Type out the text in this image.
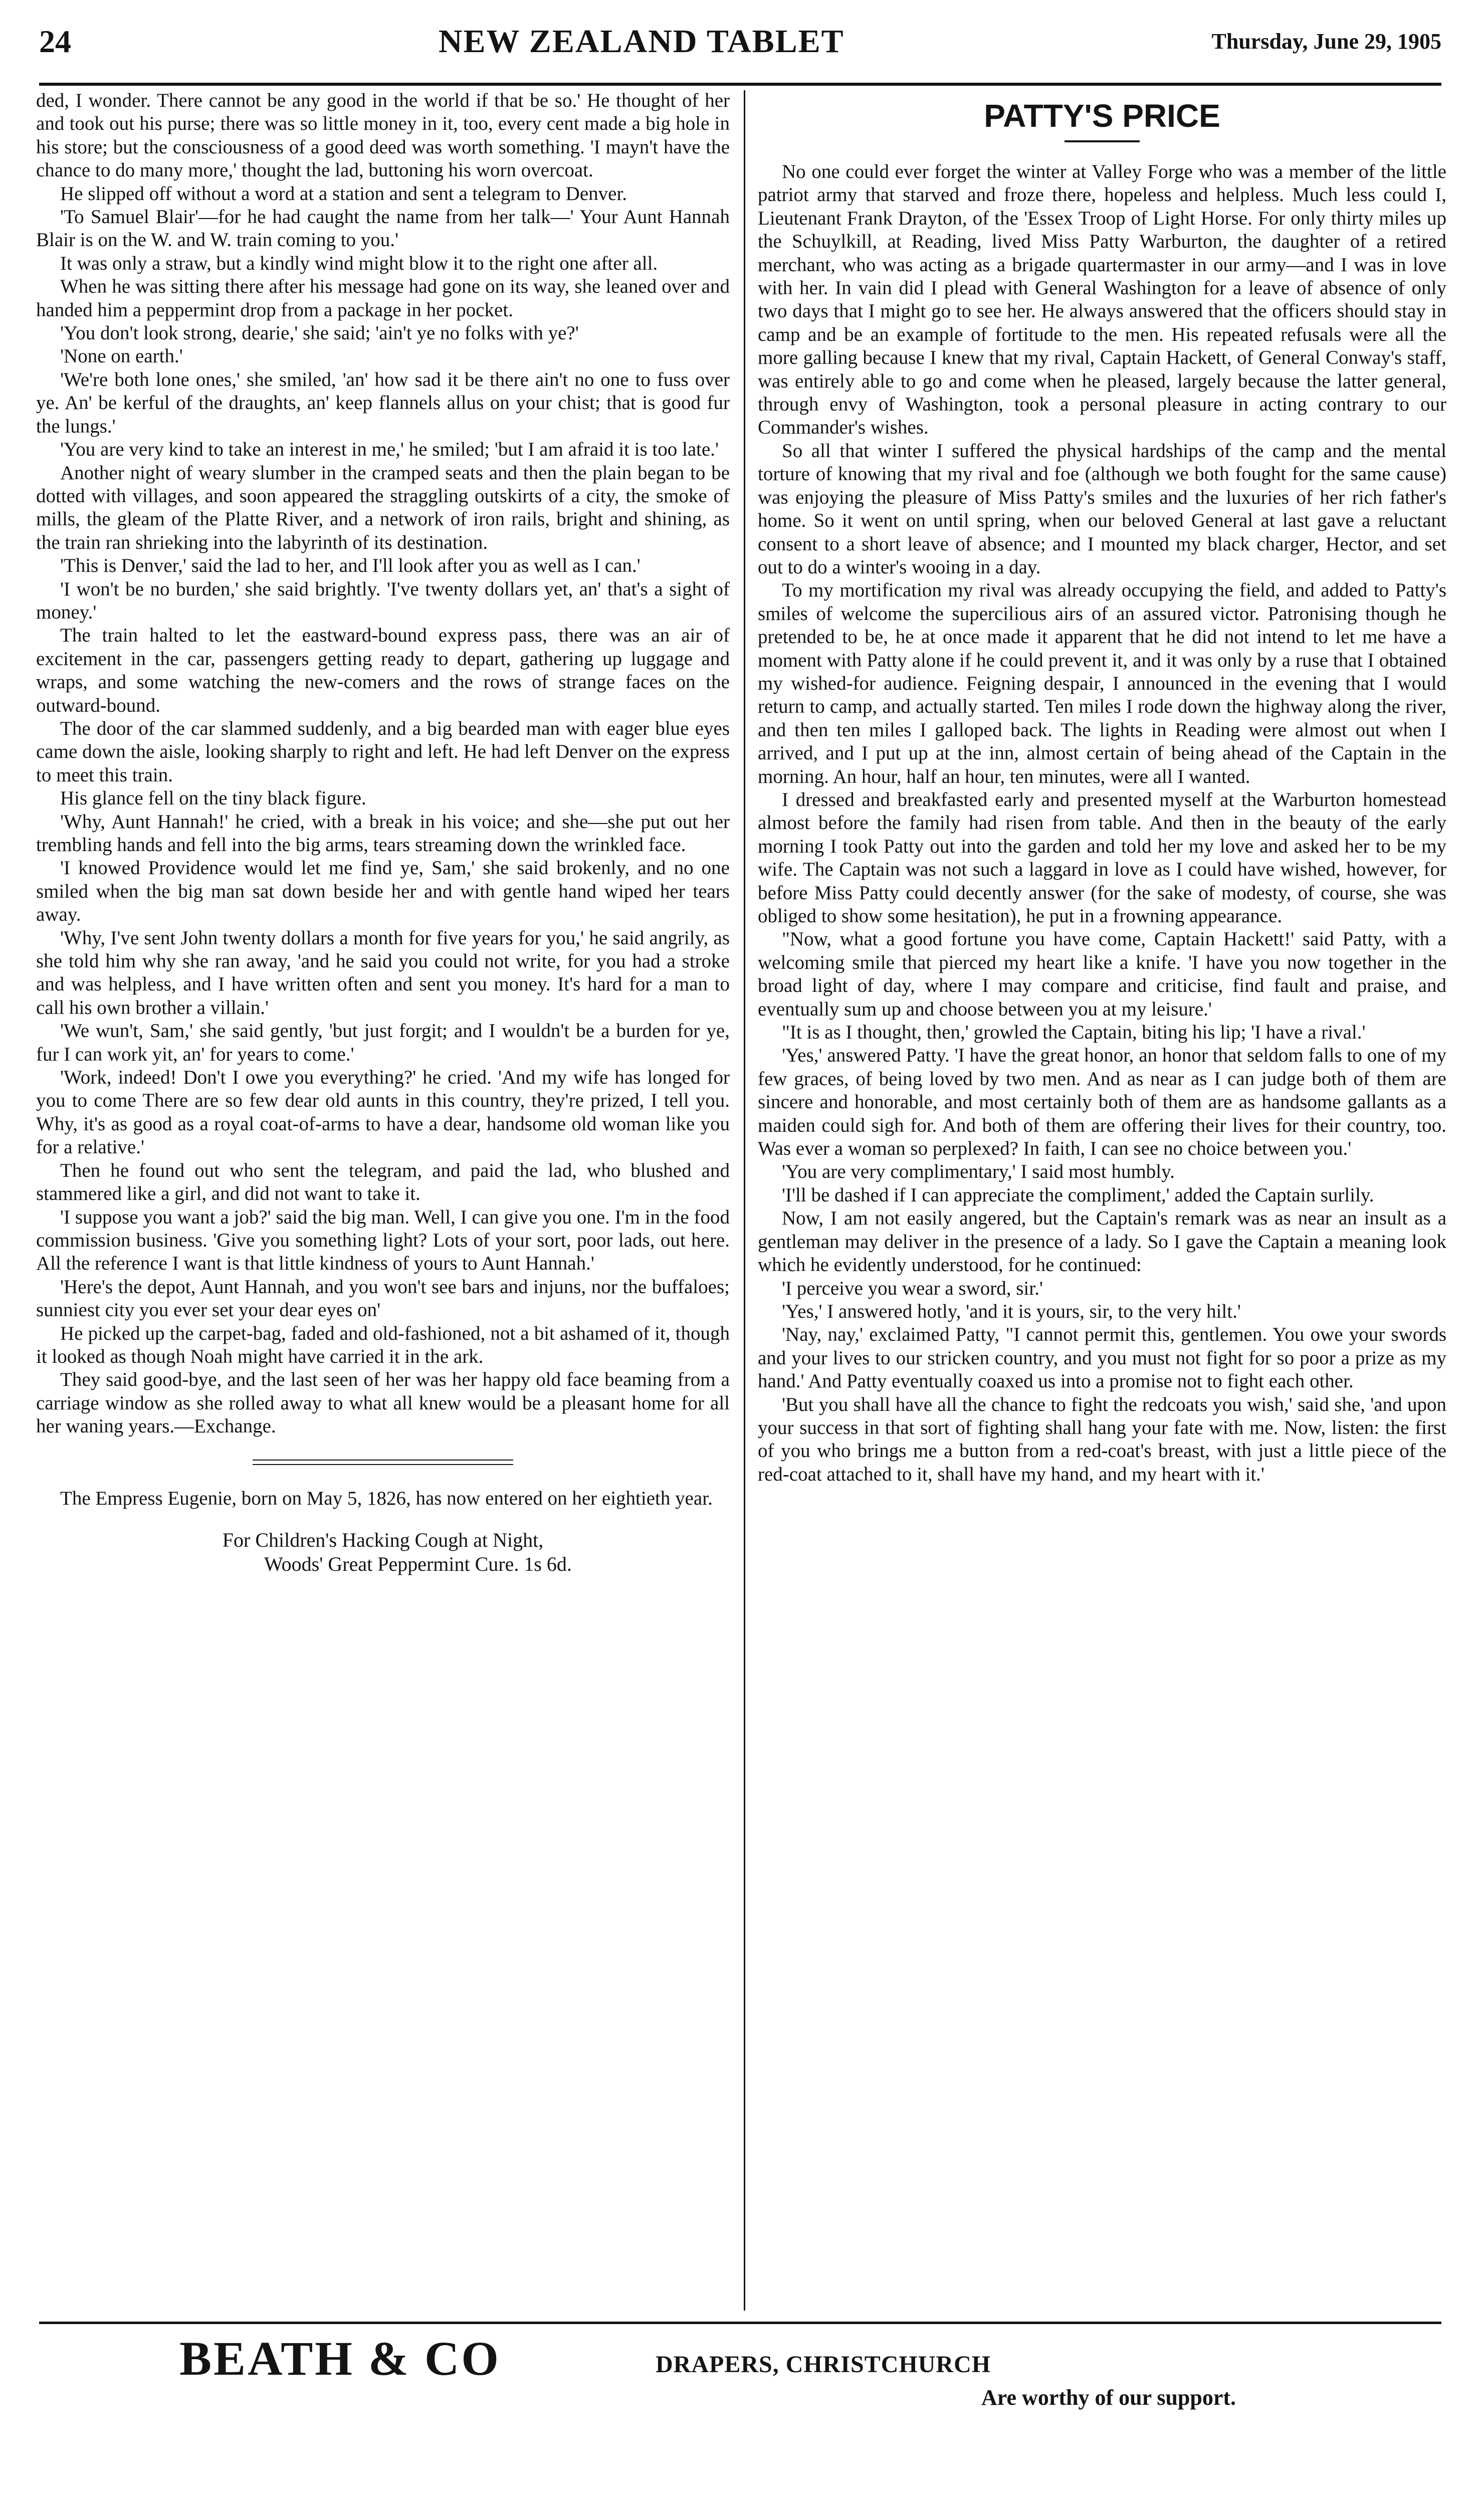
24	NEW ZEALAND TABLET	Thursday, June 29, 1905

ded, I wonder. There cannot be any good in the world if that be so.' He thought of her and took out his purse; there was so little money in it, too, every cent made a big hole in his store; but the consciousness of a good deed was worth something. 'I mayn't have the chance to do many more,' thought the lad, buttoning his worn overcoat.

He slipped off without a word at a station and sent a telegram to Denver.

'To Samuel Blair'—for he had caught the name from her talk—' Your Aunt Hannah Blair is on the W. and W. train coming to you.'

It was only a straw, but a kindly wind might blow it to the right one after all.

When he was sitting there after his message had gone on its way, she leaned over and handed him a peppermint drop from a package in her pocket.

'You don't look strong, dearie,' she said; 'ain't ye no folks with ye?'

'None on earth.'

'We're both lone ones,' she smiled, 'an' how sad it be there ain't no one to fuss over ye. An' be kerful of the draughts, an' keep flannels allus on your chist; that is good fur the lungs.'

'You are very kind to take an interest in me,' he smiled; 'but I am afraid it is too late.'

Another night of weary slumber in the cramped seats and then the plain began to be dotted with villages, and soon appeared the straggling outskirts of a city, the smoke of mills, the gleam of the Platte River, and a network of iron rails, bright and shining, as the train ran shrieking into the labyrinth of its destination.

'This is Denver,' said the lad to her, and I'll look after you as well as I can.'

'I won't be no burden,' she said brightly. 'I've twenty dollars yet, an' that's a sight of money.'

The train halted to let the eastward-bound express pass, there was an air of excitement in the car, passengers getting ready to depart, gathering up luggage and wraps, and some watching the new-comers and the rows of strange faces on the outward-bound.

The door of the car slammed suddenly, and a big bearded man with eager blue eyes came down the aisle, looking sharply to right and left. He had left Denver on the express to meet this train.

His glance fell on the tiny black figure.

'Why, Aunt Hannah!' he cried, with a break in his voice; and she—she put out her trembling hands and fell into the big arms, tears streaming down the wrinkled face.

'I knowed Providence would let me find ye, Sam,' she said brokenly, and no one smiled when the big man sat down beside her and with gentle hand wiped her tears away.

'Why, I've sent John twenty dollars a month for five years for you,' he said angrily, as she told him why she ran away, 'and he said you could not write, for you had a stroke and was helpless, and I have written often and sent you money. It's hard for a man to call his own brother a villain.'

'We wun't, Sam,' she said gently, 'but just forgit; and I wouldn't be a burden for ye, fur I can work yit, an' for years to come.'

'Work, indeed! Don't I owe you everything?' he cried. 'And my wife has longed for you to come There are so few dear old aunts in this country, they're prized, I tell you. Why, it's as good as a royal coat-of-arms to have a dear, handsome old woman like you for a relative.'

Then he found out who sent the telegram, and paid the lad, who blushed and stammered like a girl, and did not want to take it.

'I suppose you want a job?' said the big man. Well, I can give you one. I'm in the food commission business. 'Give you something light? Lots of your sort, poor lads, out here. All the reference I want is that little kindness of yours to Aunt Hannah.'

'Here's the depot, Aunt Hannah, and you won't see bars and injuns, nor the buffaloes; sunniest city you ever set your dear eyes on'

He picked up the carpet-bag, faded and old-fashioned, not a bit ashamed of it, though it looked as though Noah might have carried it in the ark.

They said good-bye, and the last seen of her was her happy old face beaming from a carriage window as she rolled away to what all knew would be a pleasant home for all her waning years.—Exchange.

The Empress Eugenie, born on May 5, 1826, has now entered on her eightieth year.

For Children's Hacking Cough at Night,
Woods' Great Peppermint Cure. 1s 6d.
PATTY'S PRICE

No one could ever forget the winter at Valley Forge who was a member of the little patriot army that starved and froze there, hopeless and helpless. Much less could I, Lieutenant Frank Drayton, of the 'Essex Troop of Light Horse. For only thirty miles up the Schuylkill, at Reading, lived Miss Patty Warburton, the daughter of a retired merchant, who was acting as a brigade quartermaster in our army—and I was in love with her. In vain did I plead with General Washington for a leave of absence of only two days that I might go to see her. He always answered that the officers should stay in camp and be an example of fortitude to the men. His repeated refusals were all the more galling because I knew that my rival, Captain Hackett, of General Conway's staff, was entirely able to go and come when he pleased, largely because the latter general, through envy of Washington, took a personal pleasure in acting contrary to our Commander's wishes.

So all that winter I suffered the physical hardships of the camp and the mental torture of knowing that my rival and foe (although we both fought for the same cause) was enjoying the pleasure of Miss Patty's smiles and the luxuries of her rich father's home. So it went on until spring, when our beloved General at last gave a reluctant consent to a short leave of absence; and I mounted my black charger, Hector, and set out to do a winter's wooing in a day.

To my mortification my rival was already occupying the field, and added to Patty's smiles of welcome the supercilious airs of an assured victor. Patronising though he pretended to be, he at once made it apparent that he did not intend to let me have a moment with Patty alone if he could prevent it, and it was only by a ruse that I obtained my wished-for audience. Feigning despair, I announced in the evening that I would return to camp, and actually started. Ten miles I rode down the highway along the river, and then ten miles I galloped back. The lights in Reading were almost out when I arrived, and I put up at the inn, almost certain of being ahead of the Captain in the morning. An hour, half an hour, ten minutes, were all I wanted.

I dressed and breakfasted early and presented myself at the Warburton homestead almost before the family had risen from table. And then in the beauty of the early morning I took Patty out into the garden and told her my love and asked her to be my wife. The Captain was not such a laggard in love as I could have wished, however, for before Miss Patty could decently answer (for the sake of modesty, of course, she was obliged to show some hesitation), he put in a frowning appearance.

"Now, what a good fortune you have come, Captain Hackett!' said Patty, with a welcoming smile that pierced my heart like a knife. 'I have you now together in the broad light of day, where I may compare and criticise, find fault and praise, and eventually sum up and choose between you at my leisure.'

"It is as I thought, then,' growled the Captain, biting his lip; 'I have a rival.'

'Yes,' answered Patty. 'I have the great honor, an honor that seldom falls to one of my few graces, of being loved by two men. And as near as I can judge both of them are sincere and honorable, and most certainly both of them are as handsome gallants as a maiden could sigh for. And both of them are offering their lives for their country, too. Was ever a woman so perplexed? In faith, I can see no choice between you.'

'You are very complimentary,' I said most humbly.

'I'll be dashed if I can appreciate the compliment,' added the Captain surlily.

Now, I am not easily angered, but the Captain's remark was as near an insult as a gentleman may deliver in the presence of a lady. So I gave the Captain a meaning look which he evidently understood, for he continued:

'I perceive you wear a sword, sir.'

'Yes,' I answered hotly, 'and it is yours, sir, to the very hilt.'

'Nay, nay,' exclaimed Patty, "I cannot permit this, gentlemen. You owe your swords and your lives to our stricken country, and you must not fight for so poor a prize as my hand.' And Patty eventually coaxed us into a promise not to fight each other.

'But you shall have all the chance to fight the redcoats you wish,' said she, 'and upon your success in that sort of fighting shall hang your fate with me. Now, listen: the first of you who brings me a button from a red-coat's breast, with just a little piece of the red-coat attached to it, shall have my hand, and my heart with it.'

BEATH & CO	DRAPERS, CHRISTCHURCH
Are worthy of our support.
